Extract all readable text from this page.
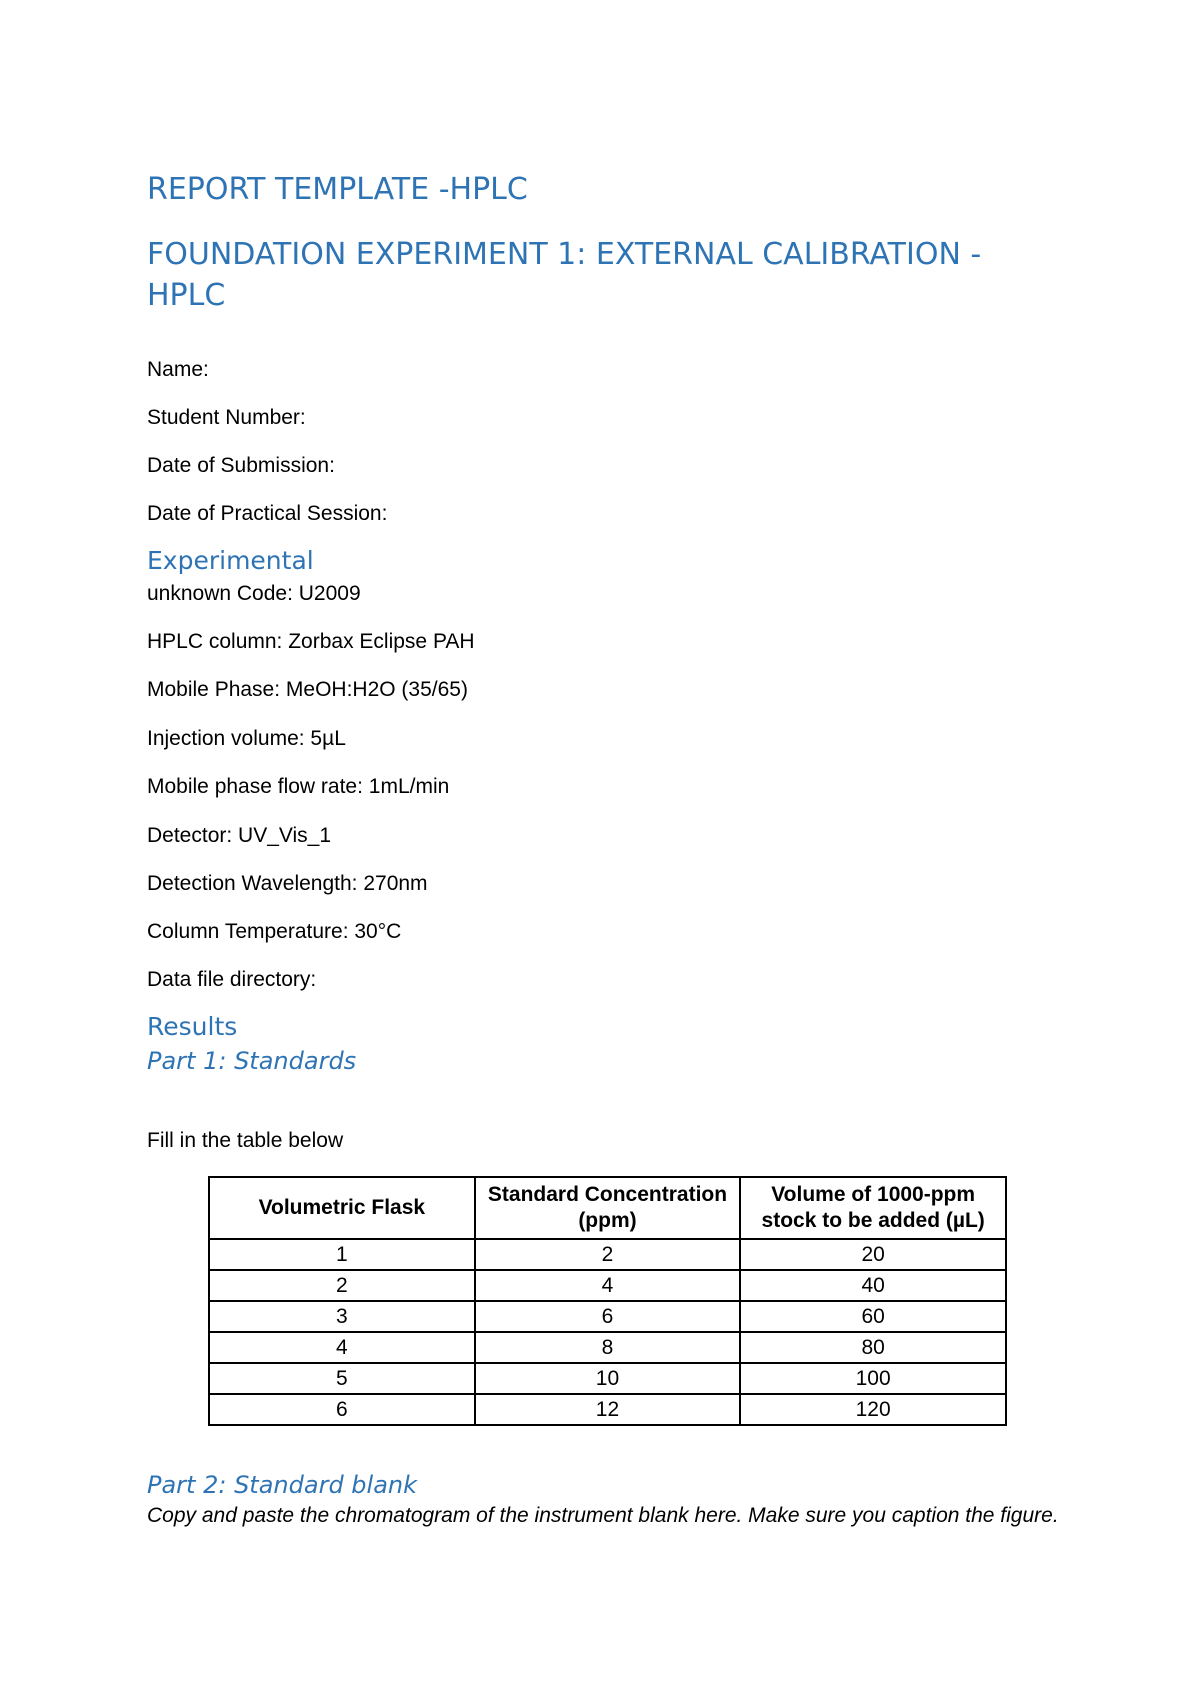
REPORT TEMPLATE -HPLC
FOUNDATION EXPERIMENT 1: EXTERNAL CALIBRATION -HPLC
Name:
Student Number:
Date of Submission:
Date of Practical Session:
Experimental
unknown Code: U2009
HPLC column: Zorbax Eclipse PAH
Mobile Phase: MeOH:H2O (35/65)
Injection volume: 5µL
Mobile phase flow rate: 1mL/min
Detector: UV_Vis_1
Detection Wavelength: 270nm
Column Temperature: 30°C
Data file directory:
Results
Part 1: Standards
Fill in the table below
Volumetric Flask	Standard Concentration (ppm)	Volume of 1000-ppm stock to be added (µL)
1	2	20
2	4	40
3	6	60
4	8	80
5	10	100
6	12	120
Part 2: Standard blank
Copy and paste the chromatogram of the instrument blank here. Make sure you caption the figure.
